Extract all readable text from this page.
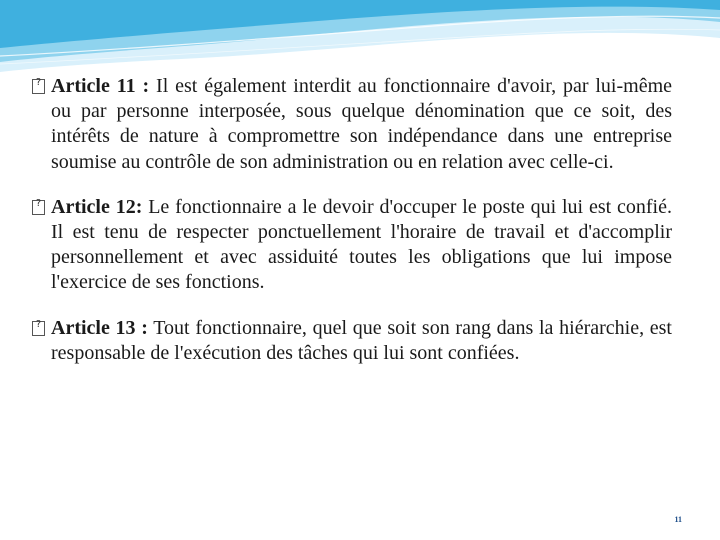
?

Article 11 : Il est également interdit au fonctionnaire d'avoir, par lui-même ou par personne interposée, sous quelque dénomination que ce soit, des intérêts de nature à compromettre son indépendance dans une entreprise soumise au contrôle de son administration ou en relation avec celle-ci.

?

Article 12: Le fonctionnaire a le devoir d'occuper le poste qui lui est confié. Il est tenu de respecter ponctuellement l'horaire de travail et d'accomplir personnellement et avec assiduité toutes les obligations que lui impose l'exercice de ses fonctions.

?

Article 13 : Tout fonctionnaire, quel que soit son rang dans la hiérarchie, est responsable de l'exécution des tâches qui lui sont confiées.

11
